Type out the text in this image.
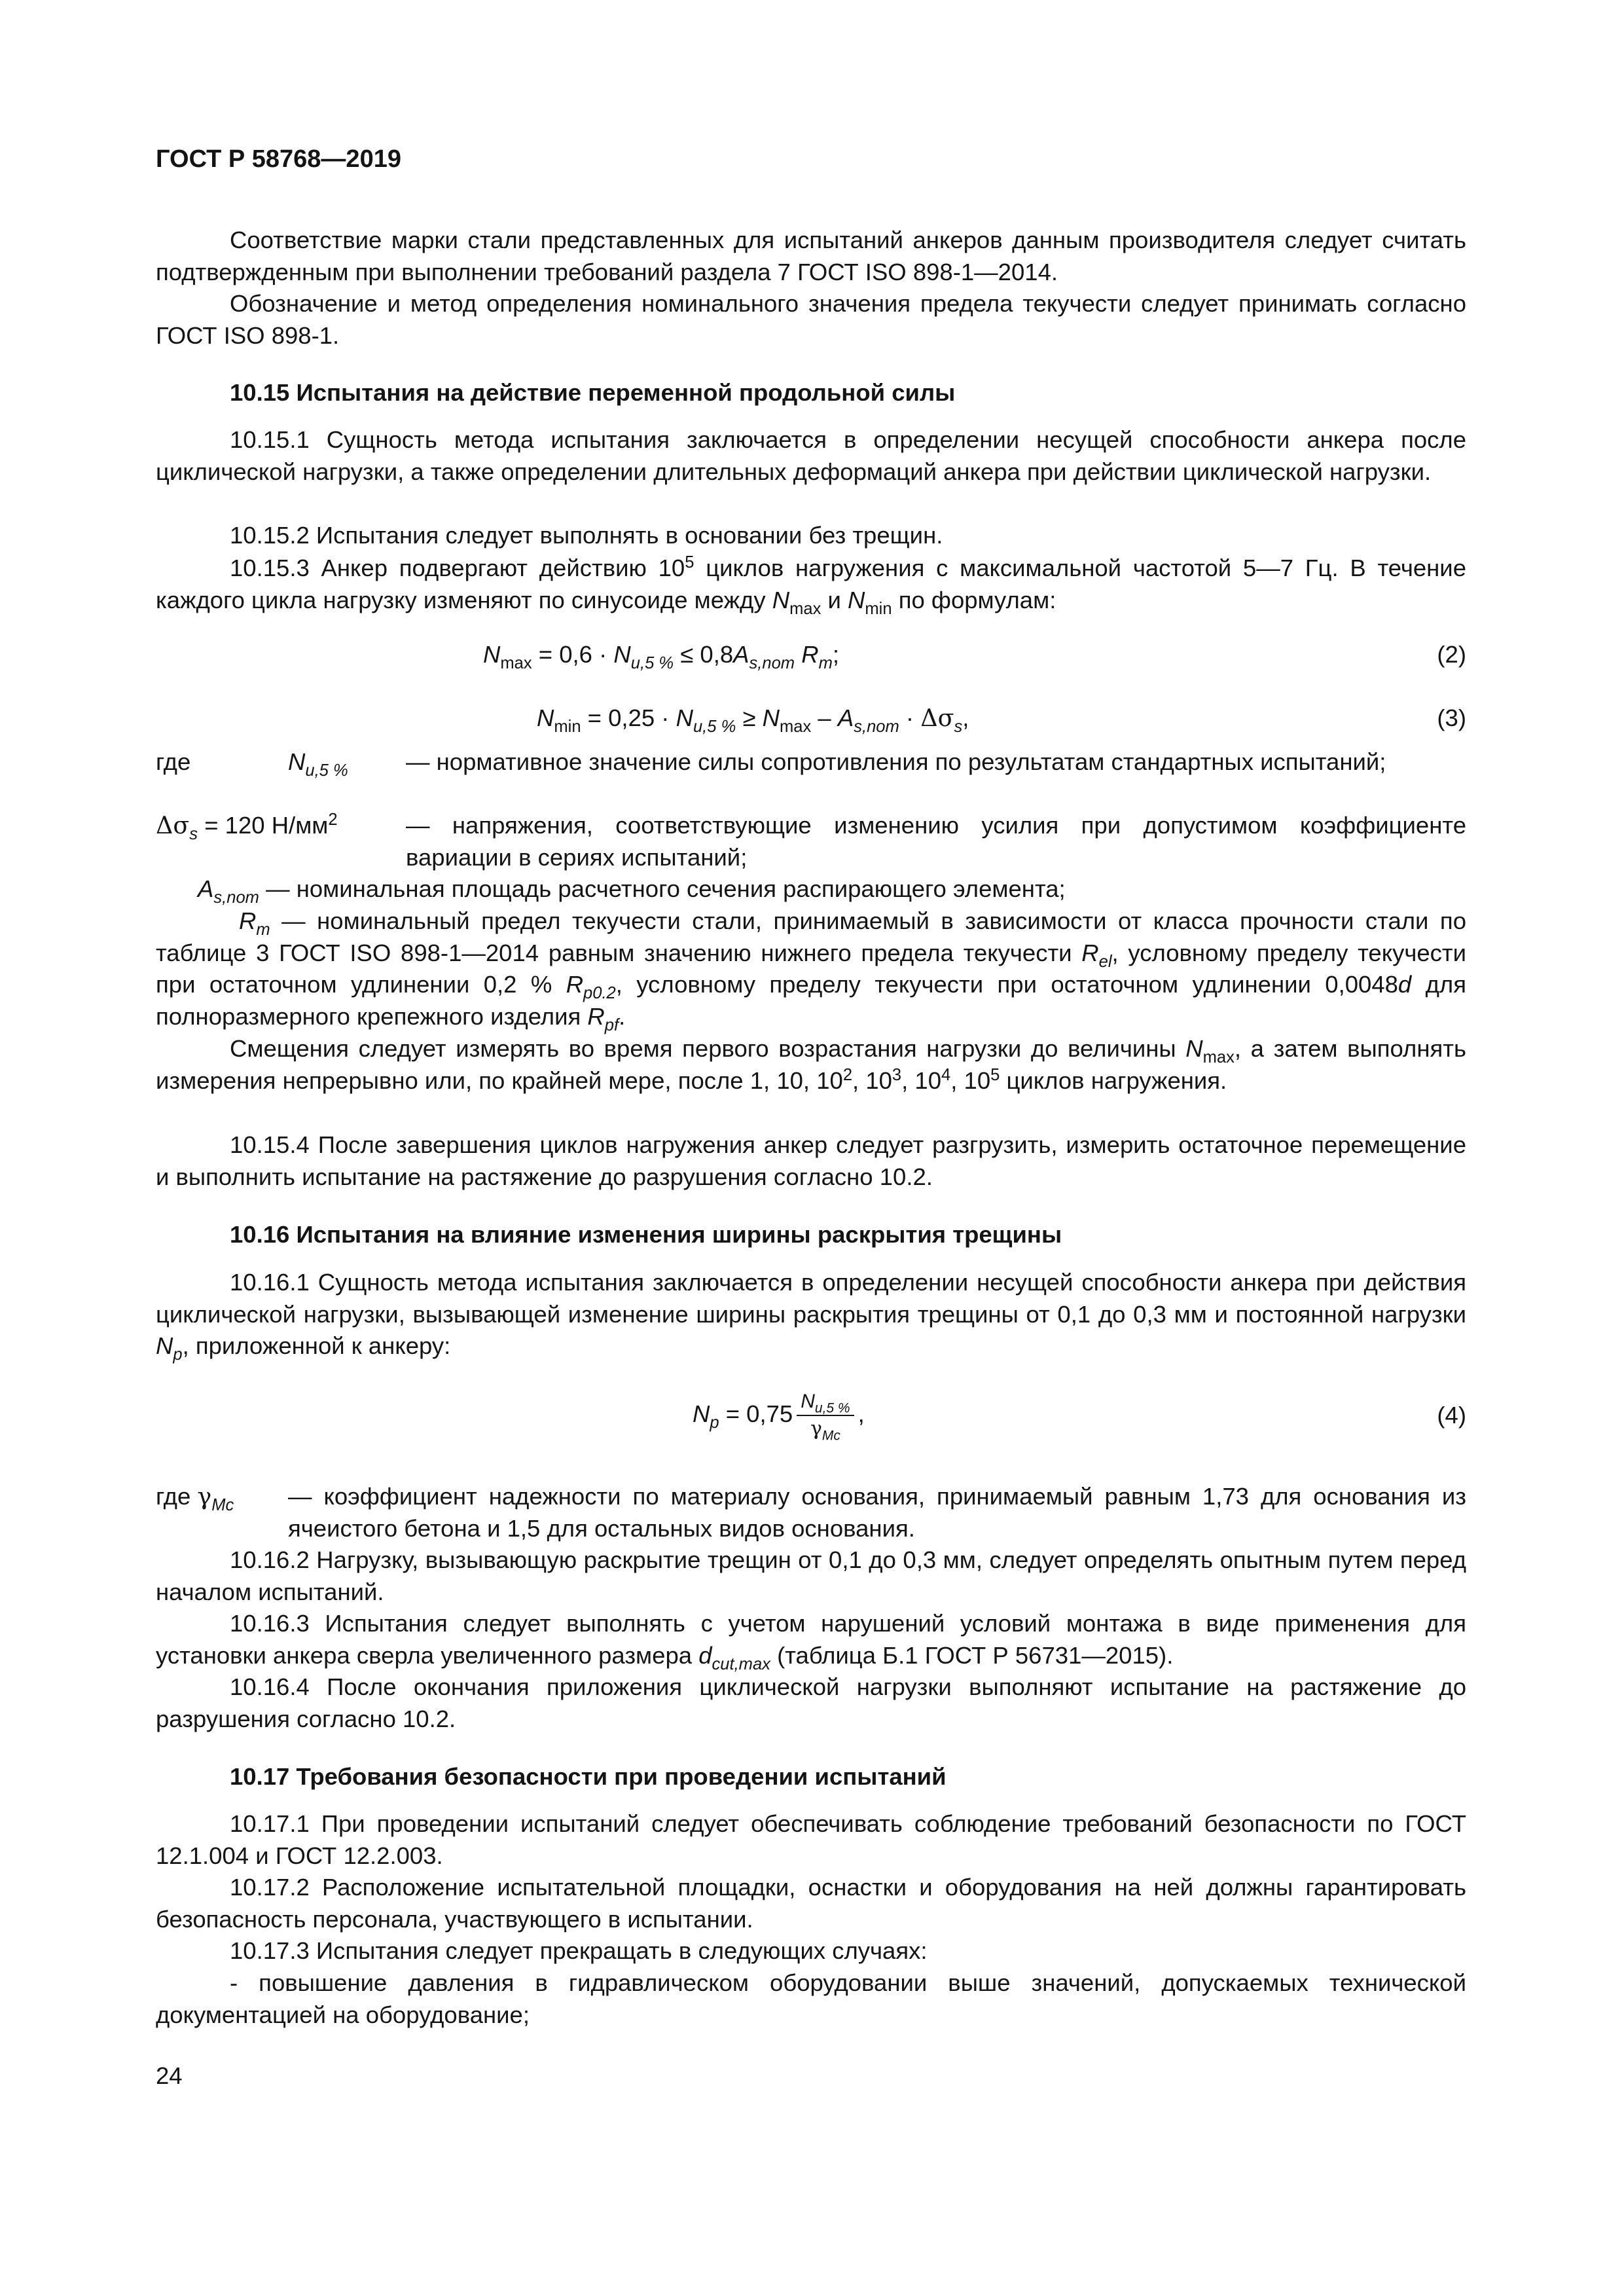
ГОСТ Р 58768—2019

Соответствие марки стали представленных для испытаний анкеров данным производителя следует считать подтвержденным при выполнении требований раздела 7 ГОСТ ISO 898-1—2014.

Обозначение и метод определения номинального значения предела текучести следует принимать согласно ГОСТ ISO 898-1.

10.15 Испытания на действие переменной продольной силы

10.15.1 Сущность метода испытания заключается в определении несущей способности анкера после циклической нагрузки, а также определении длительных деформаций анкера при действии циклической нагрузки.

10.15.2 Испытания следует выполнять в основании без трещин.

10.15.3 Анкер подвергают действию $10^5$ циклов нагружения с максимальной частотой 5—7 Гц. В течение каждого цикла нагрузку изменяют по синусоиде между $N_{max}$ и $N_{min}$ по формулам:

$N_{max} = 0,6 \cdot N_{u,5 \%} \le 0,8A_{s,nom}$ $R_m$;	(2)
$N_{min} = 0,25 \cdot N_{u,5 \%} \ge N_{max} - A_{s,nom} \cdot \Delta\sigma_s$,	(3)
где	$N_{u,5 \%}$ — нормативное значение силы сопротивления по результатам стандартных испытаний;
$\Delta\sigma_s = 120$ $Н/мм^2$	— напряжения, соответствующие изменению усилия при допустимом коэффициенте вариации в сериях испытаний;
$A_{s,nom}$ — номинальная площадь расчетного сечения распирающего элемента;

$R_m$ — номинальный предел текучести стали, принимаемый в зависимости от класса прочности стали по таблице 3 ГОСТ ISO 898-1—2014 равным значению нижнего предела текучести $R_{el}$, условному пределу текучести при остаточном удлинении 0,2 % $R_{p0.2}$, условному пределу текучести при остаточном удлинении 0,0048d для полноразмерного крепежного изделия $R_{pf}$.

Смещения следует измерять во время первого возрастания нагрузки до величины $N_{max}$, а затем выполнять измерения непрерывно или, по крайней мере, после 1, 10, $10^2$, $10^3$, $10^4$, $10^5$ циклов нагружения.

10.15.4 После завершения циклов нагружения анкер следует разгрузить, измерить остаточное перемещение и выполнить испытание на растяжение до разрушения согласно 10.2.

10.16 Испытания на влияние изменения ширины раскрытия трещины

10.16.1 Сущность метода испытания заключается в определении несущей способности анкера при действия циклической нагрузки, вызывающей изменение ширины раскрытия трещины от 0,1 до 0,3 мм и постоянной нагрузки $N_p$, приложенной к анкеру:

$N_p = 0,75 \frac{N_{u,5 \%}}{\gamma_{Mc}}$ ,	(4)
где $\gamma_{Mc}$ — коэффициент надежности по материалу основания, принимаемый равным 1,73 для основания из ячеистого бетона и 1,5 для остальных видов основания.

10.16.2 Нагрузку, вызывающую раскрытие трещин от 0,1 до 0,3 мм, следует определять опытным путем перед началом испытаний.

10.16.3 Испытания следует выполнять с учетом нарушений условий монтажа в виде применения для установки анкера сверла увеличенного размера $d_{cut,max}$ (таблица Б.1 ГОСТ Р 56731—2015).

10.16.4 После окончания приложения циклической нагрузки выполняют испытание на растяжение до разрушения согласно 10.2.

10.17 Требования безопасности при проведении испытаний

10.17.1 При проведении испытаний следует обеспечивать соблюдение требований безопасности по ГОСТ 12.1.004 и ГОСТ 12.2.003.

10.17.2 Расположение испытательной площадки, оснастки и оборудования на ней должны гарантировать безопасность персонала, участвующего в испытании.

10.17.3 Испытания следует прекращать в следующих случаях:

- повышение давления в гидравлическом оборудовании выше значений, допускаемых технической документацией на оборудование;

24
